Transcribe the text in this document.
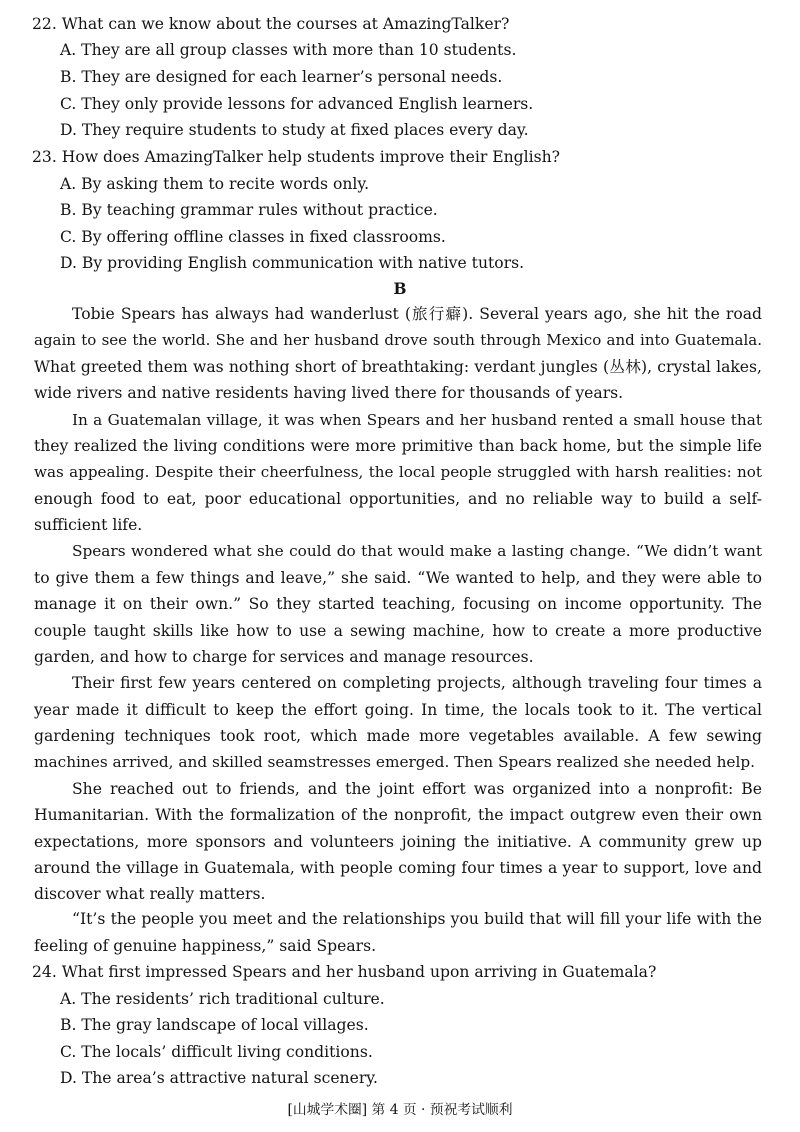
22. What can we know about the courses at AmazingTalker?
A. They are all group classes with more than 10 students.
B. They are designed for each learner’s personal needs.
C. They only provide lessons for advanced English learners.
D. They require students to study at fixed places every day.
23. How does AmazingTalker help students improve their English?
A. By asking them to recite words only.
B. By teaching grammar rules without practice.
C. By offering offline classes in fixed classrooms.
D. By providing English communication with native tutors.
B
Tobie Spears has always had wanderlust (旅行癖). Several years ago, she hit the road
again to see the world. She and her husband drove south through Mexico and into Guatemala.
What greeted them was nothing short of breathtaking: verdant jungles (丛林), crystal lakes,
wide rivers and native residents having lived there for thousands of years.
In a Guatemalan village, it was when Spears and her husband rented a small house that
they realized the living conditions were more primitive than back home, but the simple life
was appealing. Despite their cheerfulness, the local people struggled with harsh realities: not
enough food to eat, poor educational opportunities, and no reliable way to build a self-
sufficient life.
Spears wondered what she could do that would make a lasting change. “We didn’t want
to give them a few things and leave,” she said. “We wanted to help, and they were able to
manage it on their own.” So they started teaching, focusing on income opportunity. The
couple taught skills like how to use a sewing machine, how to create a more productive
garden, and how to charge for services and manage resources.
Their first few years centered on completing projects, although traveling four times a
year made it difficult to keep the effort going. In time, the locals took to it. The vertical
gardening techniques took root, which made more vegetables available. A few sewing
machines arrived, and skilled seamstresses emerged. Then Spears realized she needed help.
She reached out to friends, and the joint effort was organized into a nonprofit: Be
Humanitarian. With the formalization of the nonprofit, the impact outgrew even their own
expectations, more sponsors and volunteers joining the initiative. A community grew up
around the village in Guatemala, with people coming four times a year to support, love and
discover what really matters.
“It’s the people you meet and the relationships you build that will fill your life with the
feeling of genuine happiness,” said Spears.
24. What first impressed Spears and her husband upon arriving in Guatemala?
A. The residents’ rich traditional culture.
B. The gray landscape of local villages.
C. The locals’ difficult living conditions.
D. The area’s attractive natural scenery.
[山城学术圈] 第 4 页 · 预祝考试顺利
